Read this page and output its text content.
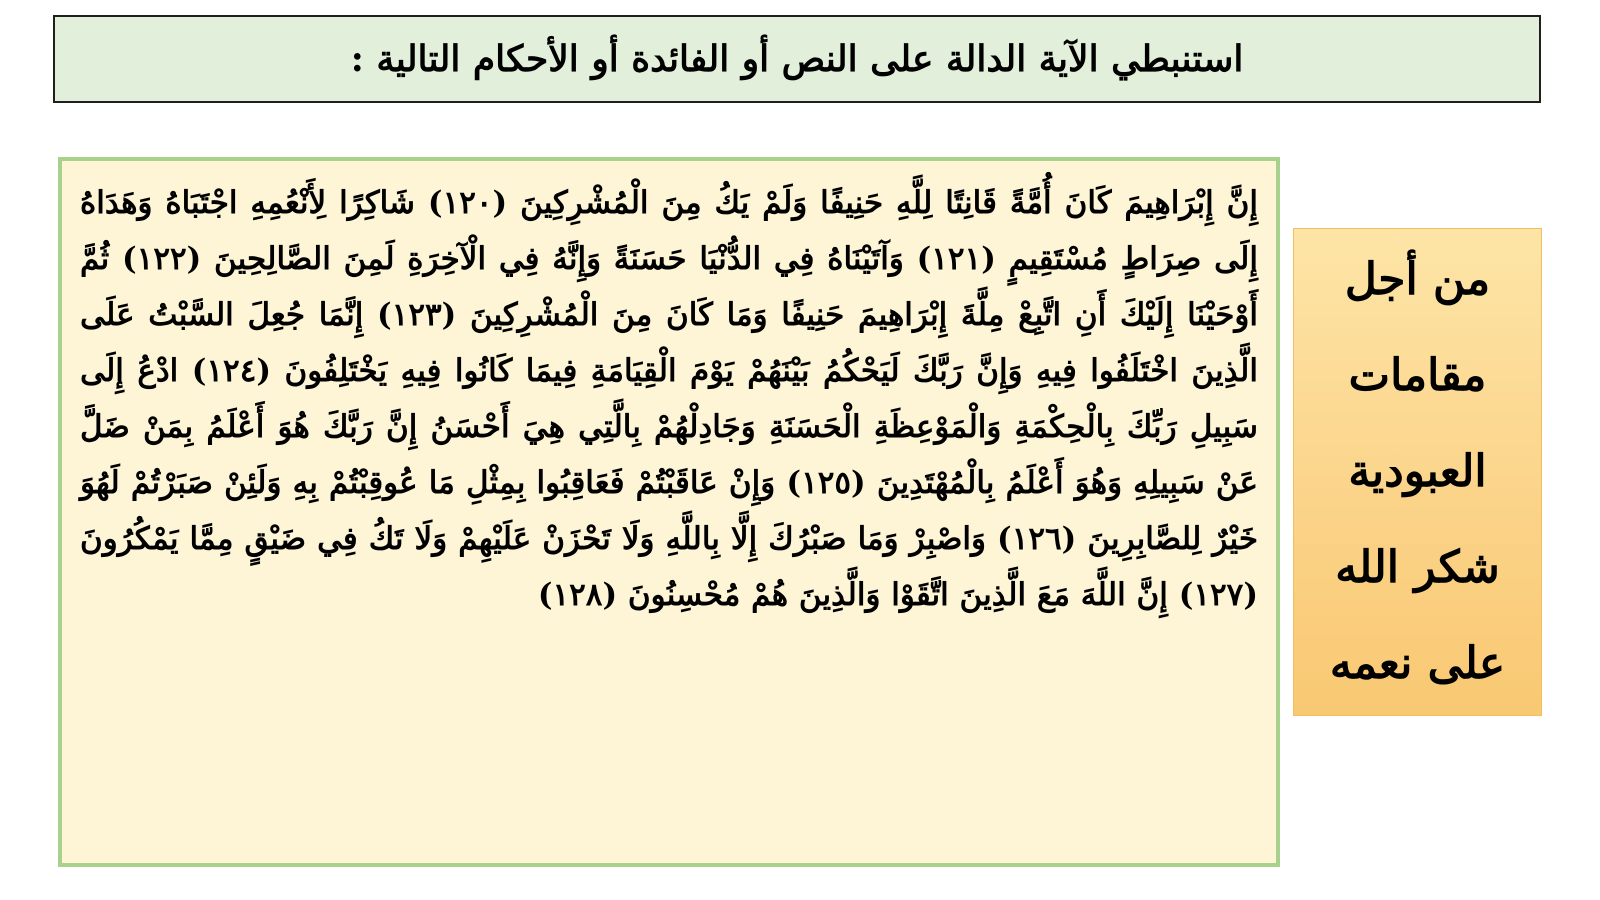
استنبطي الآية الدالة على النص أو الفائدة أو الأحكام التالية :

إِنَّ إِبْرَاهِيمَ كَانَ أُمَّةً قَانِتًا لِلَّهِ حَنِيفًا وَلَمْ يَكُ مِنَ الْمُشْرِكِينَ (١٢٠) شَاكِرًا لِأَنْعُمِهِ اجْتَبَاهُ وَهَدَاهُ إِلَى صِرَاطٍ مُسْتَقِيمٍ (١٢١) وَآتَيْنَاهُ فِي الدُّنْيَا حَسَنَةً وَإِنَّهُ فِي الْآخِرَةِ لَمِنَ الصَّالِحِينَ (١٢٢) ثُمَّ أَوْحَيْنَا إِلَيْكَ أَنِ اتَّبِعْ مِلَّةَ إِبْرَاهِيمَ حَنِيفًا وَمَا كَانَ مِنَ الْمُشْرِكِينَ (١٢٣) إِنَّمَا جُعِلَ السَّبْتُ عَلَى الَّذِينَ اخْتَلَفُوا فِيهِ وَإِنَّ رَبَّكَ لَيَحْكُمُ بَيْنَهُمْ يَوْمَ الْقِيَامَةِ فِيمَا كَانُوا فِيهِ يَخْتَلِفُونَ (١٢٤) ادْعُ إِلَى سَبِيلِ رَبِّكَ بِالْحِكْمَةِ وَالْمَوْعِظَةِ الْحَسَنَةِ وَجَادِلْهُمْ بِالَّتِي هِيَ أَحْسَنُ إِنَّ رَبَّكَ هُوَ أَعْلَمُ بِمَنْ ضَلَّ عَنْ سَبِيلِهِ وَهُوَ أَعْلَمُ بِالْمُهْتَدِينَ (١٢٥) وَإِنْ عَاقَبْتُمْ فَعَاقِبُوا بِمِثْلِ مَا عُوقِبْتُمْ بِهِ وَلَئِنْ صَبَرْتُمْ لَهُوَ خَيْرٌ لِلصَّابِرِينَ (١٢٦) وَاصْبِرْ وَمَا صَبْرُكَ إِلَّا بِاللَّهِ وَلَا تَحْزَنْ عَلَيْهِمْ وَلَا تَكُ فِي ضَيْقٍ مِمَّا يَمْكُرُونَ (١٢٧) إِنَّ اللَّهَ مَعَ الَّذِينَ اتَّقَوْا وَالَّذِينَ هُمْ مُحْسِنُونَ (١٢٨)

من أجل
مقامات
العبودية
شكر الله
على نعمه
